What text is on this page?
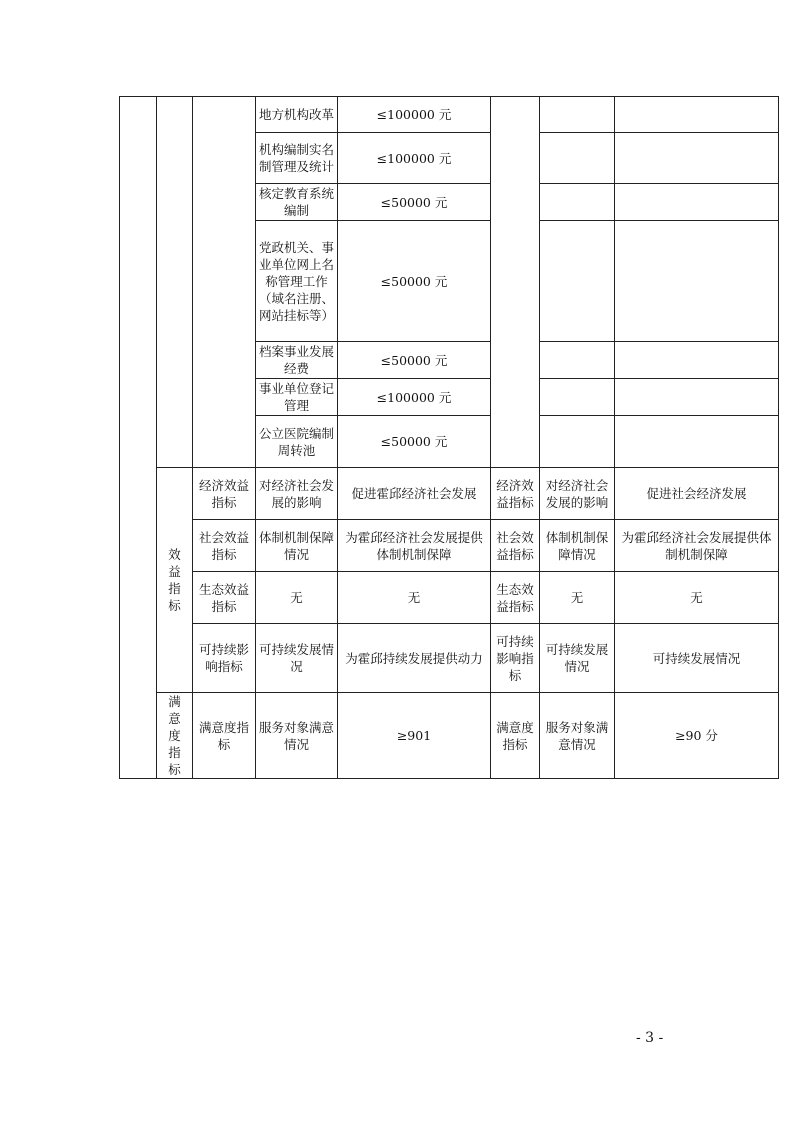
			地方机构改革	≤100000 元			
			机构编制实名制管理及统计	≤100000 元			
			核定教育系统编制	≤50000 元			
			党政机关、事业单位网上名称管理工作（域名注册、网站挂标等）	≤50000 元			
			档案事业发展经费	≤50000 元			
			事业单位登记管理	≤100000 元			
			公立医院编制周转池	≤50000 元			
	效益指标	经济效益指标	对经济社会发展的影响	促进霍邱经济社会发展	经济效益指标	对经济社会发展的影响	促进社会经济发展
		社会效益指标	体制机制保障情况	为霍邱经济社会发展提供体制机制保障	社会效益指标	体制机制保障情况	为霍邱经济社会发展提供体制机制保障
		生态效益指标	无	无	生态效益指标	无	无
		可持续影响指标	可持续发展情况	为霍邱持续发展提供动力	可持续影响指标	可持续发展情况	可持续发展情况
	满意度指标	满意度指标	服务对象满意情况	≥901	满意度指标	服务对象满意情况	≥90 分
- 3 -
